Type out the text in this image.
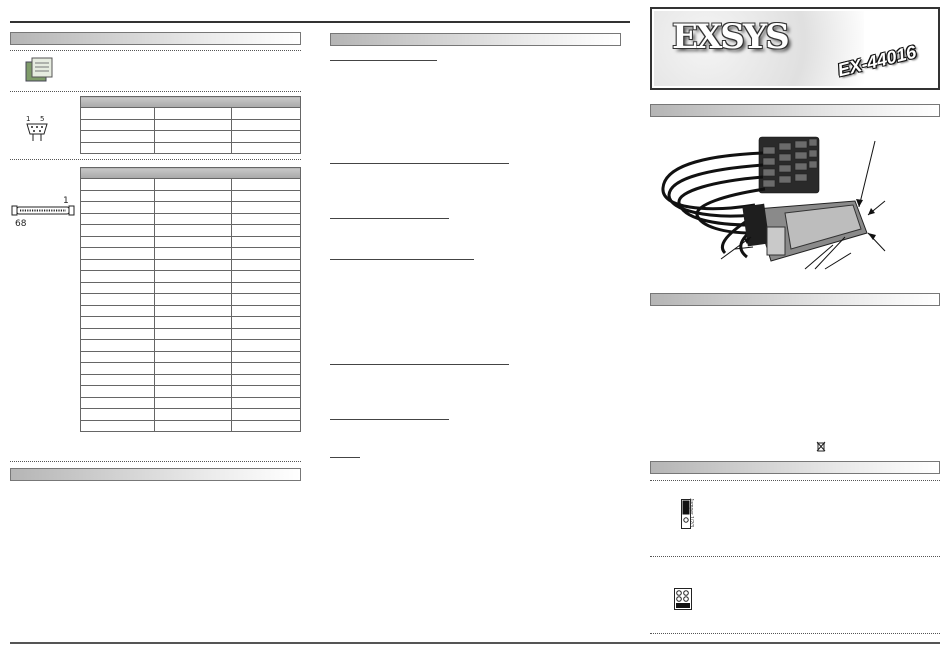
1 5

1
68

EXSYS
EX-44016
Jumper 1/2/3
